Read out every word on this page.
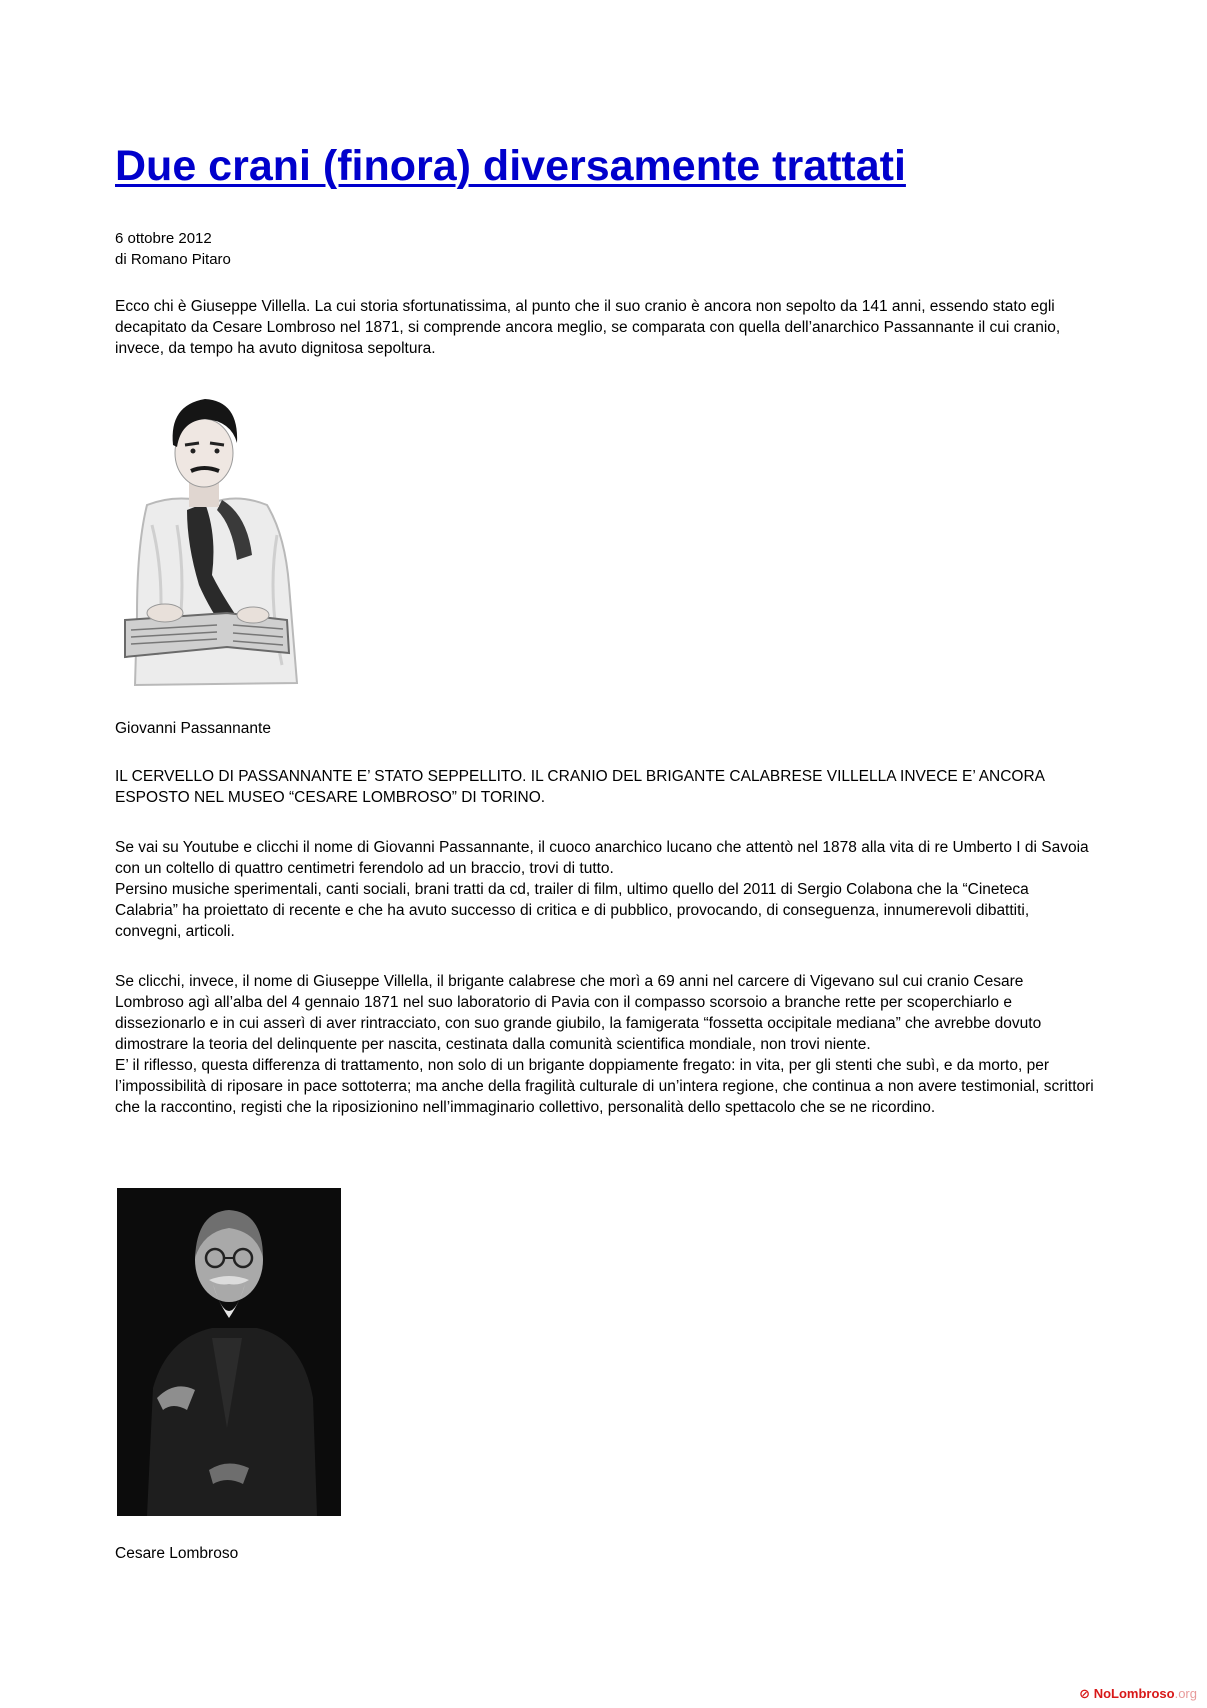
Due crani (finora) diversamente trattati
6 ottobre 2012
di Romano Pitaro

Ecco chi è Giuseppe Villella. La cui storia sfortunatissima, al punto che il suo cranio è ancora non sepolto da 141 anni, essendo stato egli decapitato da Cesare Lombroso nel 1871, si comprende ancora meglio, se comparata con quella dell’anarchico Passannante il cui cranio, invece, da tempo ha avuto dignitosa sepoltura.

Giovanni Passannante

IL CERVELLO DI PASSANNANTE E’ STATO SEPPELLITO. IL CRANIO DEL BRIGANTE CALABRESE VILLELLA INVECE E’ ANCORA ESPOSTO NEL MUSEO “CESARE LOMBROSO” DI TORINO.

Se vai su Youtube e clicchi il nome di Giovanni Passannante, il cuoco anarchico lucano che attentò nel 1878 alla vita di re Umberto I di Savoia con un coltello di quattro centimetri ferendolo ad un braccio, trovi di tutto.
Persino musiche sperimentali, canti sociali, brani tratti da cd, trailer di film, ultimo quello del 2011 di Sergio Colabona che la “Cineteca Calabria” ha proiettato di recente e che ha avuto successo di critica e di pubblico, provocando, di conseguenza, innumerevoli dibattiti, convegni, articoli.
Se clicchi, invece, il nome di Giuseppe Villella, il brigante calabrese che morì a 69 anni nel carcere di Vigevano sul cui cranio Cesare Lombroso agì all’alba del 4 gennaio 1871 nel suo laboratorio di Pavia con il compasso scorsoio a branche rette per scoperchiarlo e dissezionarlo e in cui asserì di aver rintracciato, con suo grande giubilo, la famigerata “fossetta occipitale mediana” che avrebbe dovuto dimostrare la teoria del delinquente per nascita, cestinata dalla comunità scientifica mondiale, non trovi niente.
E’ il riflesso, questa differenza di trattamento, non solo di un brigante doppiamente fregato: in vita, per gli stenti che subì, e da morto, per l’impossibilità di riposare in pace sottoterra; ma anche della fragilità culturale di un’intera regione, che continua a non avere testimonial, scrittori che la raccontino, registi che la riposizionino nell’immaginario collettivo, personalità dello spettacolo che se ne ricordino.
Cesare Lombroso
⊘ NoLombroso.org
